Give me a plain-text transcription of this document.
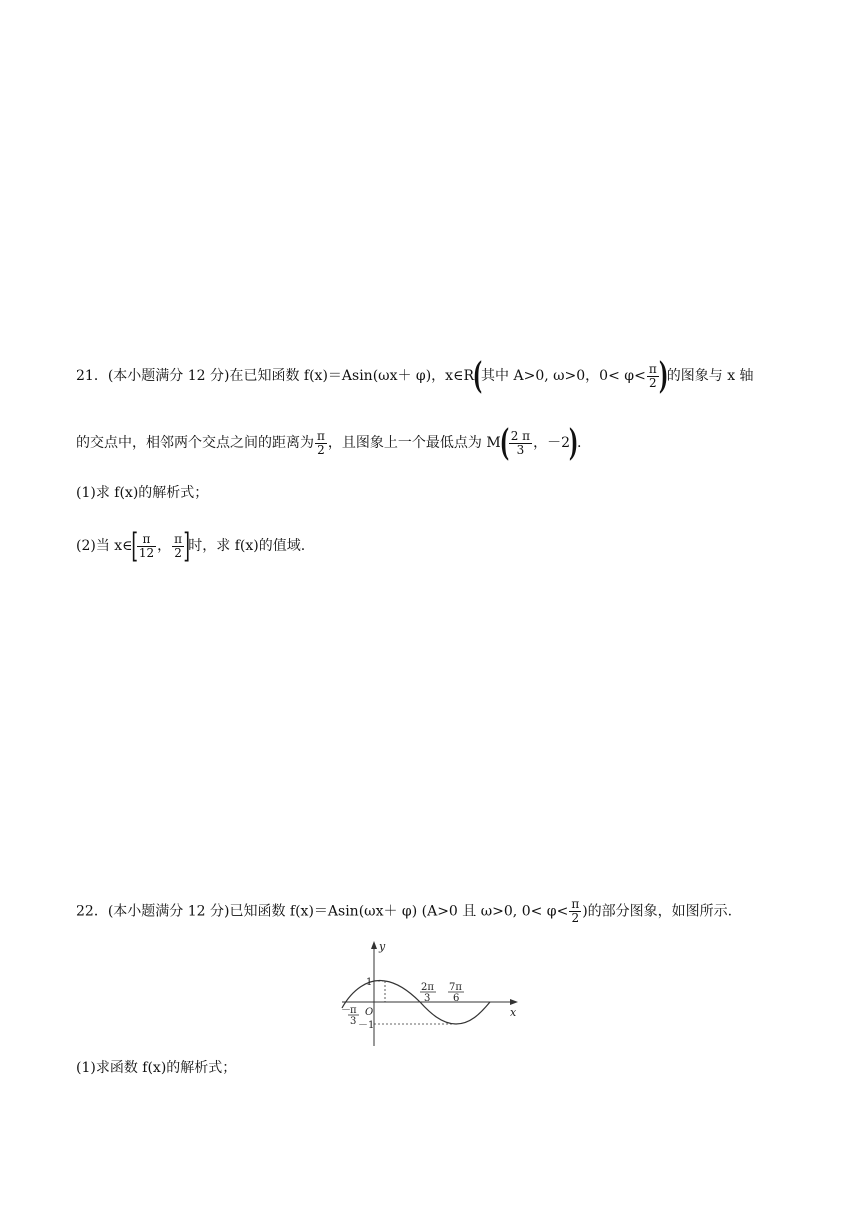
21．(本小题满分 12 分)在已知函数 f(x)＝Asin(ωx＋ φ)，x∈R(其中 A>0, ω>0，$0< \varphi< \frac{\pi}{2}$ )的图象与 x 轴
的交点中，相邻两个交点之间的距离为 $\frac{\pi}{2}$ ，且图象上一个最低点为 $M( \frac{2 \pi}{3}$ ，－2).
(1)求 f(x)的解析式；
(2)当 x∈[ $\frac{\pi}{12}$ ， $\frac{\pi}{2}$ ]时，求 f(x)的值域.
22．(本小题满分 12 分)已知函数 f(x)＝Asin(ωx＋ φ) (A>0 且 ω>0, $0< \varphi< \frac{\pi}{2}$ )的部分图象，如图所示.
y
x
1
O
－1
－ π
3
2π
3
7π
6
(1)求函数 f(x)的解析式；
